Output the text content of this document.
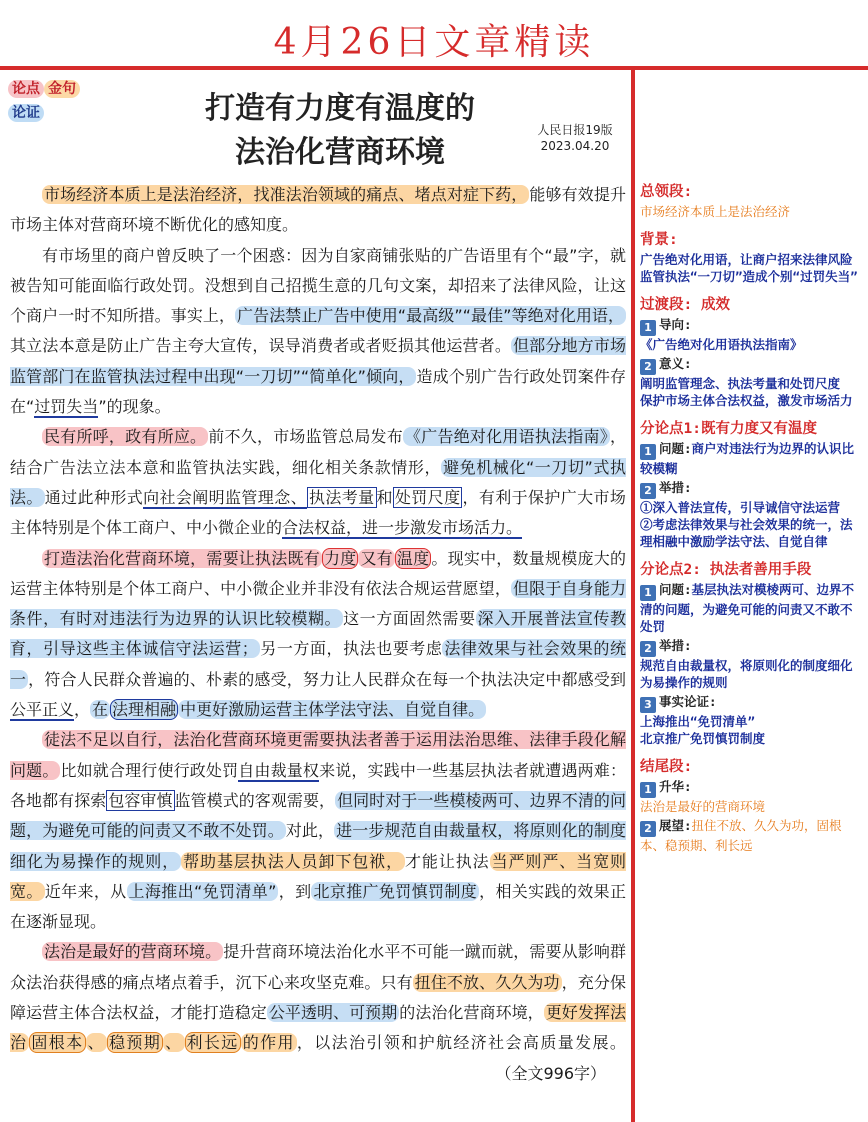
4月26日文章精读
论点 金句
论证	打造有力度有温度的
法治化营商环境
人民日报19版
2023.04.20

市场经济本质上是法治经济，找准法治领域的痛点、堵点对症下药， 能够有效提升市场主体对营商环境不断优化的感知度。

有市场里的商户曾反映了一个困惑：因为自家商铺张贴的广告语里有个“最”字，就被告知可能面临行政处罚。没想到自己招揽生意的几句文案，却招来了法律风险，让这个商户一时不知所措。事实上， 广告法禁止广告中使用“最高级”“最佳”等绝对化用语，其立法本意是防止广告主夸大宣传，误导消费者或者贬损其他运营者。 但部分地方市场监管部门在监管执法过程中出现“一刀切”“简单化”倾向， 造成个别广告行政处罚案件存在“过罚失当”的现象。

民有所呼，政有所应。 前不久，市场监管总局发布 《广告绝对化用语执法指南》 ，结合广告法立法本意和监管执法实践，细化相关条款情形， 避免机械化“一刀切”式执法。 通过此种形式向社会阐明监管理念、 执法考量 和 处罚尺度 ，有利于保护广大市场主体特别是个体工商户、中小微企业的合法权益，进一步激发市场活力。

打造法治化营商环境，需要让执法既有 力度 又有 温度 。现实中，数量规模庞大的运营主体特别是个体工商户、中小微企业并非没有依法合规运营愿望， 但限于自身能力条件，有时对违法行为边界的认识比较模糊。 这一方面固然需要 深入开展普法宣传教育，引导这些主体诚信守法运营； 另一方面，执法也要考虑 法律效果与社会效果的统一 ，符合人民群众普遍的、朴素的感受，努力让人民群众在每一个执法决定中都感受到公平正义， 在 法理相融 中更好激励运营主体学法守法、自觉自律。

徒法不足以自行，法治化营商环境更需要执法者善于运用法治思维、法律手段化解问题。 比如就合理行使行政处罚自由裁量权来说，实践中一些基层执法者就遭遇两难：各地都有探索 包容审慎 监管模式的客观需要， 但同时对于一些模棱两可、边界不清的问题，为避免可能的问责又不敢不处罚。 对此， 进一步规范自由裁量权，将原则化的制度细化为易操作的规则， 帮助基层执法人员卸下包袱， 才能让执法 当严则严、当宽则宽。 近年来，从 上海推出“免罚清单” ，到 北京推广免罚慎罚制度 ，相关实践的效果正在逐渐显现。

法治是最好的营商环境。 提升营商环境法治化水平不可能一蹴而就，需要从影响群众法治获得感的痛点堵点着手，沉下心来攻坚克难。只有 扭住不放、久久为功 ，充分保障运营主体合法权益，才能打造稳定 公平透明、可预期 的法治化营商环境， 更好发挥法治 固根本 、 稳预期 、 利长远 的作用 ，以法治引领和护航经济社会高质量发展。（全文996字）

总领段:
市场经济本质上是法治经济
背景:
广告绝对化用语，让商户招来法律风险
监管执法“一刀切”造成个别“过罚失当”
过渡段: 成效
1 导向:
《广告绝对化用语执法指南》
2 意义:
阐明监管理念、执法考量和处罚尺度
保护市场主体合法权益，激发市场活力
分论点1:既有力度又有温度
1 问题:商户对违法行为边界的认识比较模糊
2 举措:
①深入普法宣传，引导诚信守法运营
②考虑法律效果与社会效果的统一，法理相融中激励学法守法、自觉自律
分论点2: 执法者善用手段
1 问题:基层执法对模棱两可、边界不清的问题，为避免可能的问责又不敢不处罚
2 举措:
规范自由裁量权，将原则化的制度细化为易操作的规则
3 事实论证:
上海推出“免罚清单”
北京推广免罚慎罚制度
结尾段:
1 升华:
法治是最好的营商环境
2 展望:扭住不放、久久为功，固根本、稳预期、利长远
